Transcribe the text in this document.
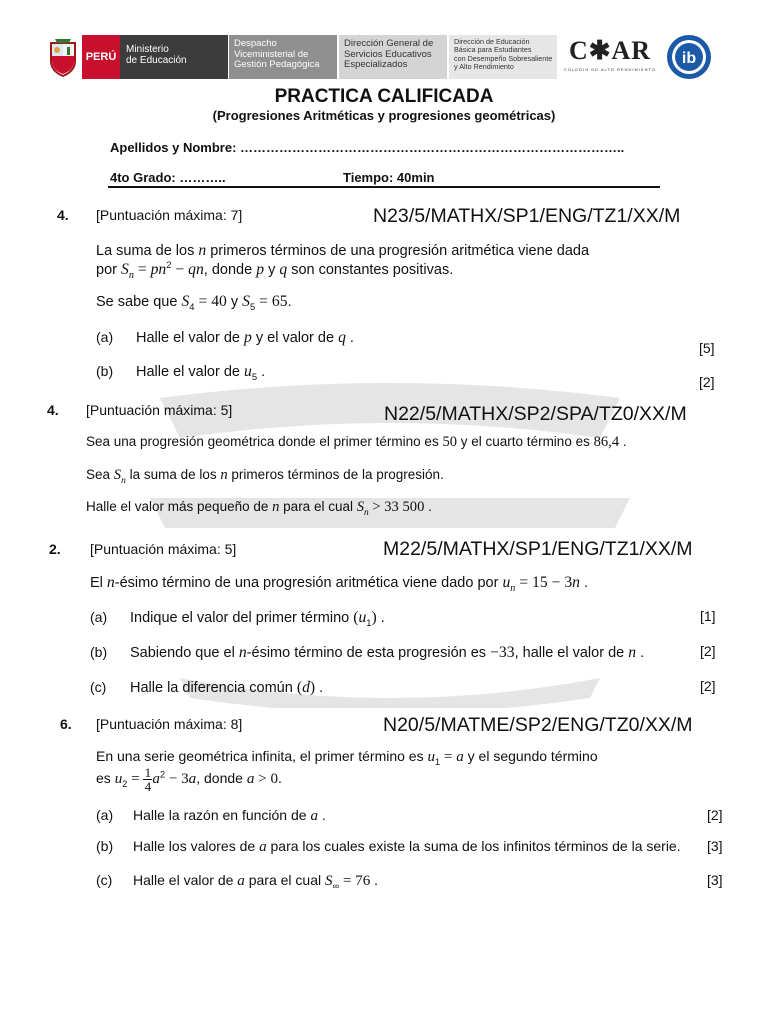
PERÚ
Ministerio
de Educación
Despacho
Viceministerial de
Gestión Pedagógica
Dirección General de
Servicios Educativos
Especializados
Dirección de Educación
Básica para Estudiantes
con Desempeño Sobresaliente
y Alto Rendimiento
C✱AR
COLEGIO DE ALTO RENDIMIENTO
ib
PRACTICA CALIFICADA
(Progresiones Aritméticas y progresiones geométricas)
Apellidos y Nombre: ……………………………………………………………………………..
4to Grado: ………..	Tiempo: 40min
4. [Puntuación máxima: 7]	N23/5/MATHX/SP1/ENG/TZ1/XX/M
La suma de los n primeros términos de una progresión aritmética viene dada
por $S_n = pn^2$ − qn, donde p y q son constantes positivas.
Se sabe que $S_4 = 40$ y $S_5 = 65$.
(a) Halle el valor de p y el valor de q .
[5]
(b) Halle el valor de $u_5$ .
[2]
4. [Puntuación máxima: 5]	N22/5/MATHX/SP2/SPA/TZ0/XX/M
Sea una progresión geométrica donde el primer término es 50 y el cuarto término es 86,4 .
Sea $S_n$ la suma de los n primeros términos de la progresión.
Halle el valor más pequeño de n para el cual $S_n > 33$ 500 .
2. [Puntuación máxima: 5]	M22/5/MATHX/SP1/ENG/TZ1/XX/M
El n-ésimo término de una progresión aritmética viene dado por $u_n = 15 - 3n$ .
(a) Indique el valor del primer término $(u_1)$ .	[1]
(b) Sabiendo que el n-ésimo término de esta progresión es −33, halle el valor de n .	[2]
(c) Halle la diferencia común (d) .	[2]
6. [Puntuación máxima: 8]	N20/5/MATME/SP2/ENG/TZ0/XX/M
En una serie geométrica infinita, el primer término es $u_1 = a$ y el segundo término
es $u_2 = \frac{1}{4} a^2 - 3a$, donde a > 0.
(a) Halle la razón en función de a .	[2]
(b) Halle los valores de a para los cuales existe la suma de los infinitos términos de la serie. [3]
(c) Halle el valor de a para el cual $S_\infty = 76$ .	[3]
